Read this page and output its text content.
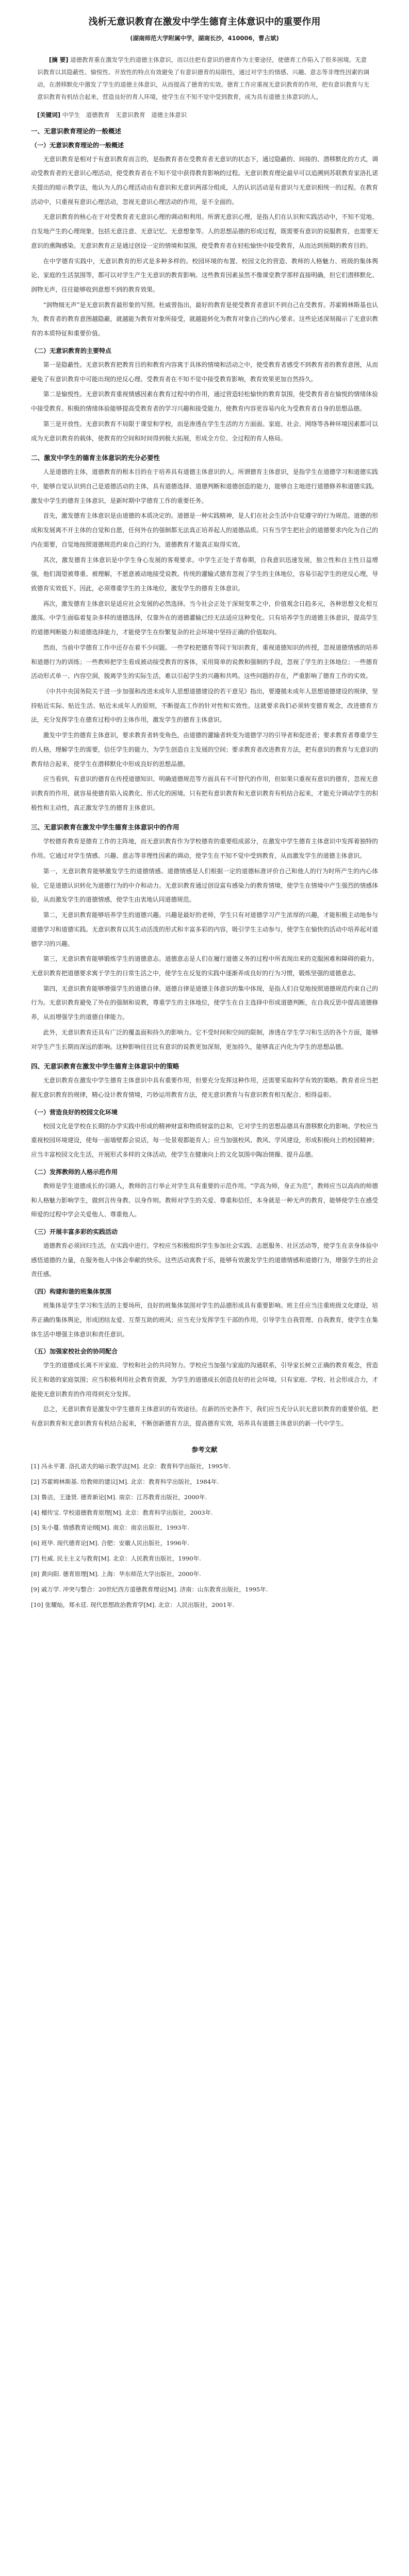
浅析无意识教育在激发中学生德育主体意识中的重要作用
(湖南师范大学附属中学，湖南长沙，410006，曹占斌)
[摘 要] 道德教育重在激发学生的道德主体意识，而以往把有意识的德育作为主要途径，使德育工作陷入了很多困境。无意识教育以其隐蔽性、愉悦性、开放性的特点有效避免了有意识德育的局限性，通过对学生的情感、兴趣、意志等非理性因素的调动，在潜移默化中激发了学生的道德主体意识，从而提高了德育的实效。德育工作应重视无意识教育的作用，把有意识教育与无意识教育有机结合起来，营造良好的育人环境，使学生在不知不觉中受到教育，成为具有道德主体意识的人。
[关键词] 中学生　道德教育　无意识教育　道德主体意识
一、无意识教育理论的一般概述
（一）无意识教育理论的一般概述

无意识教育是相对于有意识教育而言的，是指教育者在受教育者无意识的状态下，通过隐蔽的、间接的、潜移默化的方式，调动受教育者的无意识心理活动，使受教育者在不知不觉中获得教育影响的过程。无意识教育理论最早可以追溯到苏联教育家洛扎诺夫提出的暗示教学法，他认为人的心理活动由有意识和无意识两部分组成，人的认识活动是有意识与无意识相统一的过程。在教育活动中，只重视有意识心理活动，忽视无意识心理活动的作用，是不全面的。

无意识教育的核心在于对受教育者无意识心理的调动和利用。所谓无意识心理，是指人们在认识和实践活动中，不知不觉地、自发地产生的心理现象，包括无意注意、无意记忆、无意想象等。人的思想品德的形成过程，既需要有意识的说服教育，也需要无意识的熏陶感染。无意识教育正是通过创设一定的情境和氛围，使受教育者在轻松愉快中接受教育，从而达到预期的教育目的。

在中学德育实践中，无意识教育的形式是多种多样的。校园环境的布置、校园文化的营造、教师的人格魅力、班级的集体舆论、家庭的生活氛围等，都可以对学生产生无意识的教育影响。这些教育因素虽然不像课堂教学那样直接明确，但它们潜移默化、润物无声，往往能够收到意想不到的教育效果。

“润物细无声”是无意识教育最形象的写照。杜威曾指出，最好的教育是使受教育者意识不到自己在受教育。苏霍姆林斯基也认为，教育者的教育意图越隐蔽，就越能为教育对象所接受，就越能转化为教育对象自己的内心要求。这些论述深刻揭示了无意识教育的本质特征和重要价值。

（二）无意识教育的主要特点

第一是隐蔽性。无意识教育把教育目的和教育内容寓于具体的情境和活动之中，使受教育者感受不到教育者的教育意图，从而避免了有意识教育中可能出现的逆反心理。受教育者在不知不觉中接受教育影响，教育效果更加自然持久。

第二是愉悦性。无意识教育重视情感因素在教育过程中的作用，通过营造轻松愉快的教育氛围，使受教育者在愉悦的情绪体验中接受教育。积极的情绪体验能够提高受教育者的学习兴趣和接受能力，使教育内容更容易内化为受教育者自身的思想品德。

第三是开放性。无意识教育不局限于课堂和学校，而是渗透在学生生活的方方面面。家庭、社会、网络等各种环境因素都可以成为无意识教育的载体，使教育的空间和时间得到极大拓展，形成全方位、全过程的育人格局。

二、激发中学生的德育主体意识的充分必要性

人是道德的主体，道德教育的根本目的在于培养具有道德主体意识的人。所谓德育主体意识，是指学生在道德学习和道德实践中，能够自觉认识到自己是道德活动的主体，具有道德选择、道德判断和道德创造的能力，能够自主地进行道德修养和道德实践。激发中学生的德育主体意识，是新时期中学德育工作的重要任务。

首先，激发德育主体意识是由道德的本质决定的。道德是一种实践精神，是人们在社会生活中自觉遵守的行为规范。道德的形成和发展离不开主体的自觉和自愿，任何外在的强制都无法真正培养起人的道德品质。只有当学生把社会的道德要求内化为自己的内在需要，自觉地按照道德规范约束自己的行为，道德教育才能真正取得实效。

其次，激发德育主体意识是中学生身心发展的客观要求。中学生正处于青春期，自我意识迅速发展，独立性和自主性日益增强，他们渴望被尊重、被理解，不愿意被动地接受说教。传统的灌输式德育忽视了学生的主体地位，容易引起学生的逆反心理，导致德育实效低下。因此，必须尊重学生的主体地位，激发学生的德育主体意识。

再次，激发德育主体意识是适应社会发展的必然选择。当今社会正处于深刻变革之中，价值观念日趋多元，各种思想文化相互激荡。中学生面临着复杂多样的道德选择，仅靠外在的道德灌输已经无法适应这种变化。只有培养学生的道德主体意识，提高学生的道德判断能力和道德选择能力，才能使学生在纷繁复杂的社会环境中坚持正确的价值取向。

然而，当前中学德育工作中还存在着不少问题。一些学校把德育等同于知识教育，重视道德知识的传授，忽视道德情感的培养和道德行为的训练；一些教师把学生看成被动接受教育的客体，采用简单的说教和强制的手段，忽视了学生的主体地位；一些德育活动形式单一、内容空洞，脱离学生的实际生活，难以引起学生的兴趣和共鸣。这些问题的存在，严重影响了德育工作的实效。

《中共中央国务院关于进一步加强和改进未成年人思想道德建设的若干意见》指出，要遵循未成年人思想道德建设的规律，坚持贴近实际、贴近生活、贴近未成年人的原则，不断提高工作的针对性和实效性。这就要求我们必须转变德育观念，改进德育方法，充分发挥学生在德育过程中的主体作用，激发学生的德育主体意识。

激发中学生的德育主体意识，要求教育者转变角色，由道德的灌输者转变为道德学习的引导者和促进者；要求教育者尊重学生的人格，理解学生的需要，信任学生的能力，为学生创造自主发展的空间；要求教育者改进教育方法，把有意识的教育与无意识的教育结合起来，使学生在潜移默化中形成良好的思想品德。

应当看到，有意识的德育在传授道德知识、明确道德规范等方面具有不可替代的作用，但如果只重视有意识的德育，忽视无意识教育的作用，就容易使德育陷入说教化、形式化的困境。只有把有意识教育和无意识教育有机结合起来，才能充分调动学生的积极性和主动性，真正激发学生的德育主体意识。

三、无意识教育在激发中学生德育主体意识中的作用

学校德育教育是德育工作的主阵地，而无意识教育作为学校德育的重要组成部分，在激发中学生德育主体意识中发挥着独特的作用。它通过对学生情感、兴趣、意志等非理性因素的调动，使学生在不知不觉中受到教育，从而激发学生的道德主体意识。

第一，无意识教育能够激发学生的道德情感。道德情感是人们根据一定的道德标准评价自己和他人的行为时所产生的内心体验，它是道德认识转化为道德行为的中介和动力。无意识教育通过创设富有感染力的教育情境，使学生在情境中产生强烈的情感体验，从而激发学生的道德情感，使学生由衷地认同道德规范。

第二，无意识教育能够培养学生的道德兴趣。兴趣是最好的老师，学生只有对道德学习产生浓厚的兴趣，才能积极主动地参与道德学习和道德实践。无意识教育以其生动活泼的形式和丰富多彩的内容，吸引学生主动参与，使学生在愉快的活动中培养起对道德学习的兴趣。

第三，无意识教育能够锻炼学生的道德意志。道德意志是人们在履行道德义务的过程中所表现出来的克服困难和障碍的毅力。无意识教育把道德要求寓于学生的日常生活之中，使学生在反复的实践中逐渐养成良好的行为习惯，锻炼坚强的道德意志。

第四，无意识教育能够增强学生的道德自律。道德自律是道德主体意识的集中体现，是指人们自觉地按照道德规范约束自己的行为。无意识教育避免了外在的强制和说教，尊重学生的主体地位，使学生在自主选择中形成道德判断，在自我反思中提高道德修养，从而增强学生的道德自律能力。

此外，无意识教育还具有广泛的覆盖面和持久的影响力。它不受时间和空间的限制，渗透在学生学习和生活的各个方面，能够对学生产生长期而深远的影响。这种影响往往比有意识的说教更加深刻，更加持久，能够真正内化为学生的思想品德。

四、无意识教育在激发中学生德育主体意识中的策略

无意识教育在激发中学生德育主体意识中具有重要作用，但要充分发挥这种作用，还需要采取科学有效的策略。教育者应当把握无意识教育的规律，精心设计教育情境，巧妙运用教育方法，使无意识教育与有意识教育相互配合、相得益彰。

（一）营造良好的校园文化环境

校园文化是学校在长期的办学实践中形成的精神财富和物质财富的总和，它对学生的思想品德具有潜移默化的影响。学校应当重视校园环境建设，使每一面墙壁都会说话，每一处景观都能育人；应当加强校风、教风、学风建设，形成积极向上的校园精神；应当丰富校园文化生活，开展形式多样的文体活动，使学生在健康向上的文化氛围中陶冶情操、提升品德。

（二）发挥教师的人格示范作用

教师是学生道德成长的引路人，教师的言行举止对学生具有重要的示范作用。“学高为师，身正为范”，教师应当以高尚的师德和人格魅力影响学生，做到言传身教、以身作则。教师对学生的关爱、尊重和信任，本身就是一种无声的教育，能够使学生在感受师爱的过程中学会关爱他人、尊重他人。

（三）开展丰富多彩的实践活动

道德教育必须回归生活，在实践中进行。学校应当积极组织学生参加社会实践、志愿服务、社区活动等，使学生在亲身体验中感悟道德的力量，在服务他人中体会奉献的快乐。这些活动寓教于乐，能够有效激发学生的道德情感和道德行为，增强学生的社会责任感。

（四）构建和谐的班集体氛围

班集体是学生学习和生活的主要场所，良好的班集体氛围对学生的品德形成具有重要影响。班主任应当注重班级文化建设，培养正确的集体舆论，形成团结友爱、互帮互助的班风；应当充分发挥学生干部的作用，引导学生自我管理、自我教育，使学生在集体生活中增强主体意识和责任意识。

（五）加强家校社会的协同配合

学生的道德成长离不开家庭、学校和社会的共同努力。学校应当加强与家庭的沟通联系，引导家长树立正确的教育观念，营造民主和谐的家庭氛围；应当积极利用社会教育资源，为学生的道德成长创造良好的社会环境。只有家庭、学校、社会形成合力，才能使无意识教育的作用得到充分发挥。

总之，无意识教育是激发中学生德育主体意识的有效途径。在新的历史条件下，我们应当充分认识无意识教育的重要价值，把有意识教育和无意识教育有机结合起来，不断创新德育方法，提高德育实效，培养具有道德主体意识的新一代中学生。

参考文献
[1] 冯永平著. 洛扎诺夫的暗示教学法[M]. 北京：教育科学出版社，1995年.
[2] 苏霍姆林斯基. 给教师的建议[M]. 北京：教育科学出版社，1984年.
[3] 鲁洁，王逢贤. 德育新论[M]. 南京：江苏教育出版社，2000年.
[4] 檀传宝. 学校道德教育原理[M]. 北京：教育科学出版社，2003年.
[5] 朱小蔓. 情感教育论纲[M]. 南京：南京出版社，1993年.
[6] 班华. 现代德育论[M]. 合肥：安徽人民出版社，1996年.
[7] 杜威. 民主主义与教育[M]. 北京：人民教育出版社，1990年.
[8] 黄向阳. 德育原理[M]. 上海：华东师范大学出版社，2000年.
[9] 戚万学. 冲突与整合：20世纪西方道德教育理论[M]. 济南：山东教育出版社，1995年.
[10] 张耀灿，郑永廷. 现代思想政治教育学[M]. 北京：人民出版社，2001年.
